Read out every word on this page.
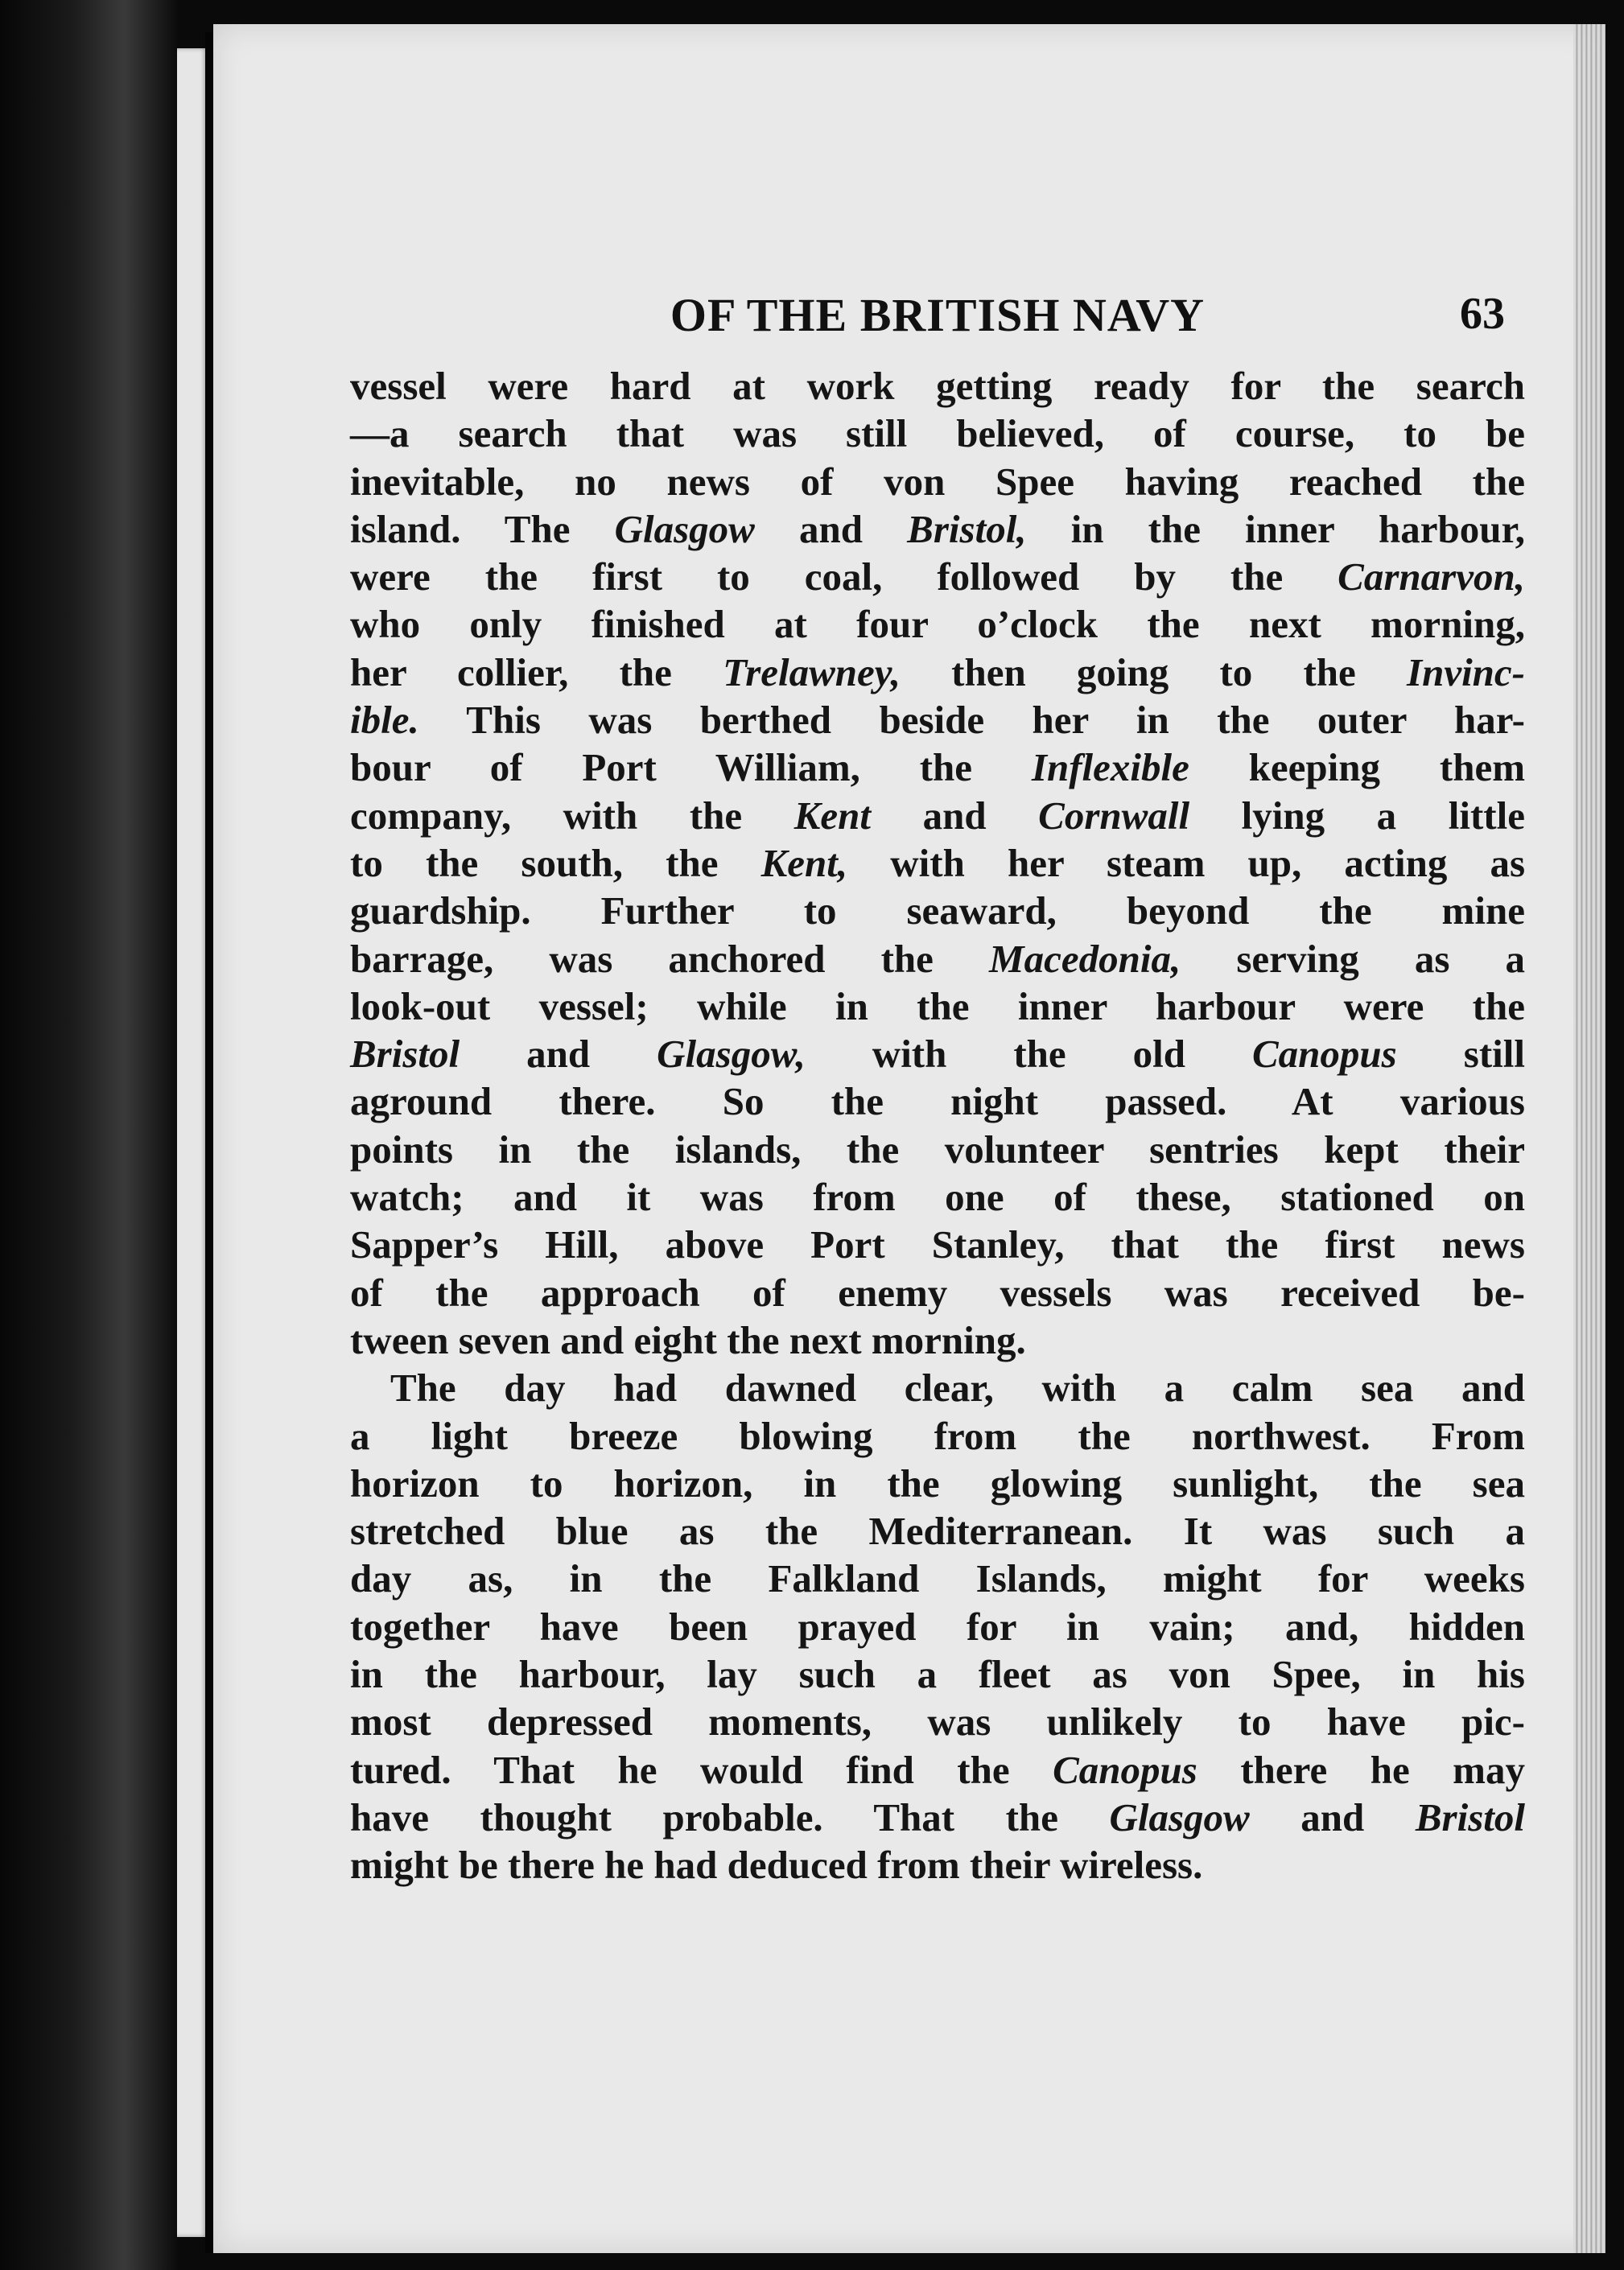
OF THE BRITISH NAVY	63
vessel were hard at work getting ready for the search
—a search that was still believed, of course, to be
inevitable, no news of von Spee having reached the
island. The Glasgow and Bristol, in the inner harbour,
were the first to coal, followed by the Carnarvon,
who only finished at four o’clock the next morning,
her collier, the Trelawney, then going to the Invinc-
ible. This was berthed beside her in the outer har-
bour of Port William, the Inflexible keeping them
company, with the Kent and Cornwall lying a little
to the south, the Kent, with her steam up, acting as
guardship. Further to seaward, beyond the mine
barrage, was anchored the Macedonia, serving as a
look-out vessel; while in the inner harbour were the
Bristol and Glasgow, with the old Canopus still
aground there. So the night passed. At various
points in the islands, the volunteer sentries kept their
watch; and it was from one of these, stationed on
Sapper’s Hill, above Port Stanley, that the first news
of the approach of enemy vessels was received be-
tween seven and eight the next morning.
The day had dawned clear, with a calm sea and
a light breeze blowing from the northwest. From
horizon to horizon, in the glowing sunlight, the sea
stretched blue as the Mediterranean. It was such a
day as, in the Falkland Islands, might for weeks
together have been prayed for in vain; and, hidden
in the harbour, lay such a fleet as von Spee, in his
most depressed moments, was unlikely to have pic-
tured. That he would find the Canopus there he may
have thought probable. That the Glasgow and Bristol
might be there he had deduced from their wireless.
